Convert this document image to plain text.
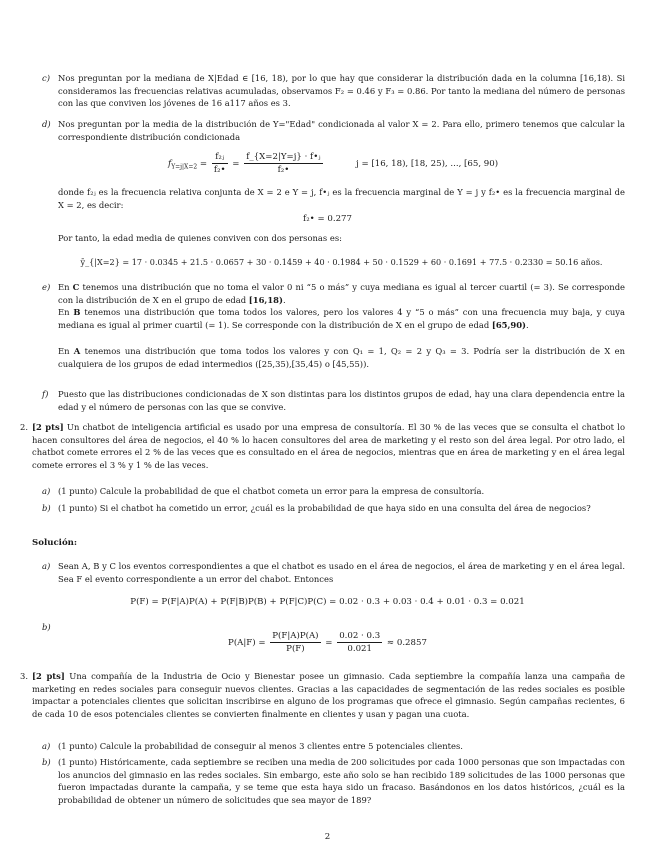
c) Nos preguntan por la mediana de X|Edad ∈ [16, 18), por lo que hay que considerar la distribución dada en la columna [16,18). Si consideramos las frecuencias relativas acumuladas, observamos F₂ = 0.46 y F₃ = 0.86. Por tanto la mediana del número de personas con las que conviven los jóvenes de 16 a117 años es 3.
d) Nos preguntan por la media de la distribución de Y="Edad" condicionada al valor X = 2. Para ello, primero tenemos que calcular la correspondiente distribución condicionada
$f_{Y=j|X=2} = \frac{\text{f₂ⱼ}}{\text{f₂•}} = \frac{\text{f\_\{X=2|Y=j\} · f•ⱼ}}{\text{f₂•}}$	j = [16, 18), [18, 25), ..., [65, 90)
donde f₂ⱼ es la frecuencia relativa conjunta de X = 2 e Y = j, f•ⱼ es la frecuencia marginal de Y = j y f₂• es la frecuencia marginal de X = 2, es decir:
f₂• = 0.277
Por tanto, la edad media de quienes conviven con dos personas es:
ȳ_{|X=2} = 17 · 0.0345 + 21.5 · 0.0657 + 30 · 0.1459 + 40 · 0.1984 + 50 · 0.1529 + 60 · 0.1691 + 77.5 · 0.2330 = 50.16 años.
e) En C tenemos una distribución que no toma el valor 0 ni “5 o más” y cuya mediana es igual al tercer cuartil (= 3). Se corresponde con la distribución de X en el grupo de edad [16,18).
En B tenemos una distribución que toma todos los valores, pero los valores 4 y “5 o más” con una frecuencia muy baja, y cuya mediana es igual al primer cuartil (= 1). Se corresponde con la distribución de X en el grupo de edad [65,90).
En A tenemos una distribución que toma todos los valores y con Q₁ = 1, Q₂ = 2 y Q₃ = 3. Podría ser la distribución de X en cualquiera de los grupos de edad intermedios ([25,35),[35,45) o [45,55)).
f) Puesto que las distribuciones condicionadas de X son distintas para los distintos grupos de edad, hay una clara dependencia entre la edad y el número de personas con las que se convive.
2. [2 pts] Un chatbot de inteligencia artificial es usado por una empresa de consultoría. El 30 % de las veces que se consulta el chatbot lo hacen consultores del área de negocios, el 40 % lo hacen consultores del area de marketing y el resto son del área legal. Por otro lado, el chatbot comete errores el 2 % de las veces que es consultado en el área de negocios, mientras que en área de marketing y en el área legal comete errores el 3 % y 1 % de las veces.
a) (1 punto) Calcule la probabilidad de que el chatbot cometa un error para la empresa de consultoría.
b) (1 punto) Si el chatbot ha cometido un error, ¿cuál es la probabilidad de que haya sido en una consulta del área de negocios?
Solución:
a) Sean A, B y C los eventos correspondientes a que el chatbot es usado en el área de negocios, el área de marketing y en el área legal. Sea F el evento correspondiente a un error del chabot. Entonces
P(F) = P(F|A)P(A) + P(F|B)P(B) + P(F|C)P(C) = 0.02 · 0.3 + 0.03 · 0.4 + 0.01 · 0.3 = 0.021
b)
$P(A|F) = \frac{P(F|A)P(A)}{P(F)} = \frac{0.02 \cdot 0.3}{0.021} \approx 0.2857$
3. [2 pts] Una compañía de la Industria de Ocio y Bienestar posee un gimnasio. Cada septiembre la compañía lanza una campaña de marketing en redes sociales para conseguir nuevos clientes. Gracias a las capacidades de segmentación de las redes sociales es posible impactar a potenciales clientes que solicitan inscribirse en alguno de los programas que ofrece el gimnasio. Según campañas recientes, 6 de cada 10 de esos potenciales clientes se convierten finalmente en clientes y usan y pagan una cuota.
a) (1 punto) Calcule la probabilidad de conseguir al menos 3 clientes entre 5 potenciales clientes.
b) (1 punto) Históricamente, cada septiembre se reciben una media de 200 solicitudes por cada 1000 personas que son impactadas con los anuncios del gimnasio en las redes sociales. Sin embargo, este año solo se han recibido 189 solicitudes de las 1000 personas que fueron impactadas durante la campaña, y se teme que esta haya sido un fracaso. Basándonos en los datos históricos, ¿cuál es la probabilidad de obtener un número de solicitudes que sea mayor de 189?
2
